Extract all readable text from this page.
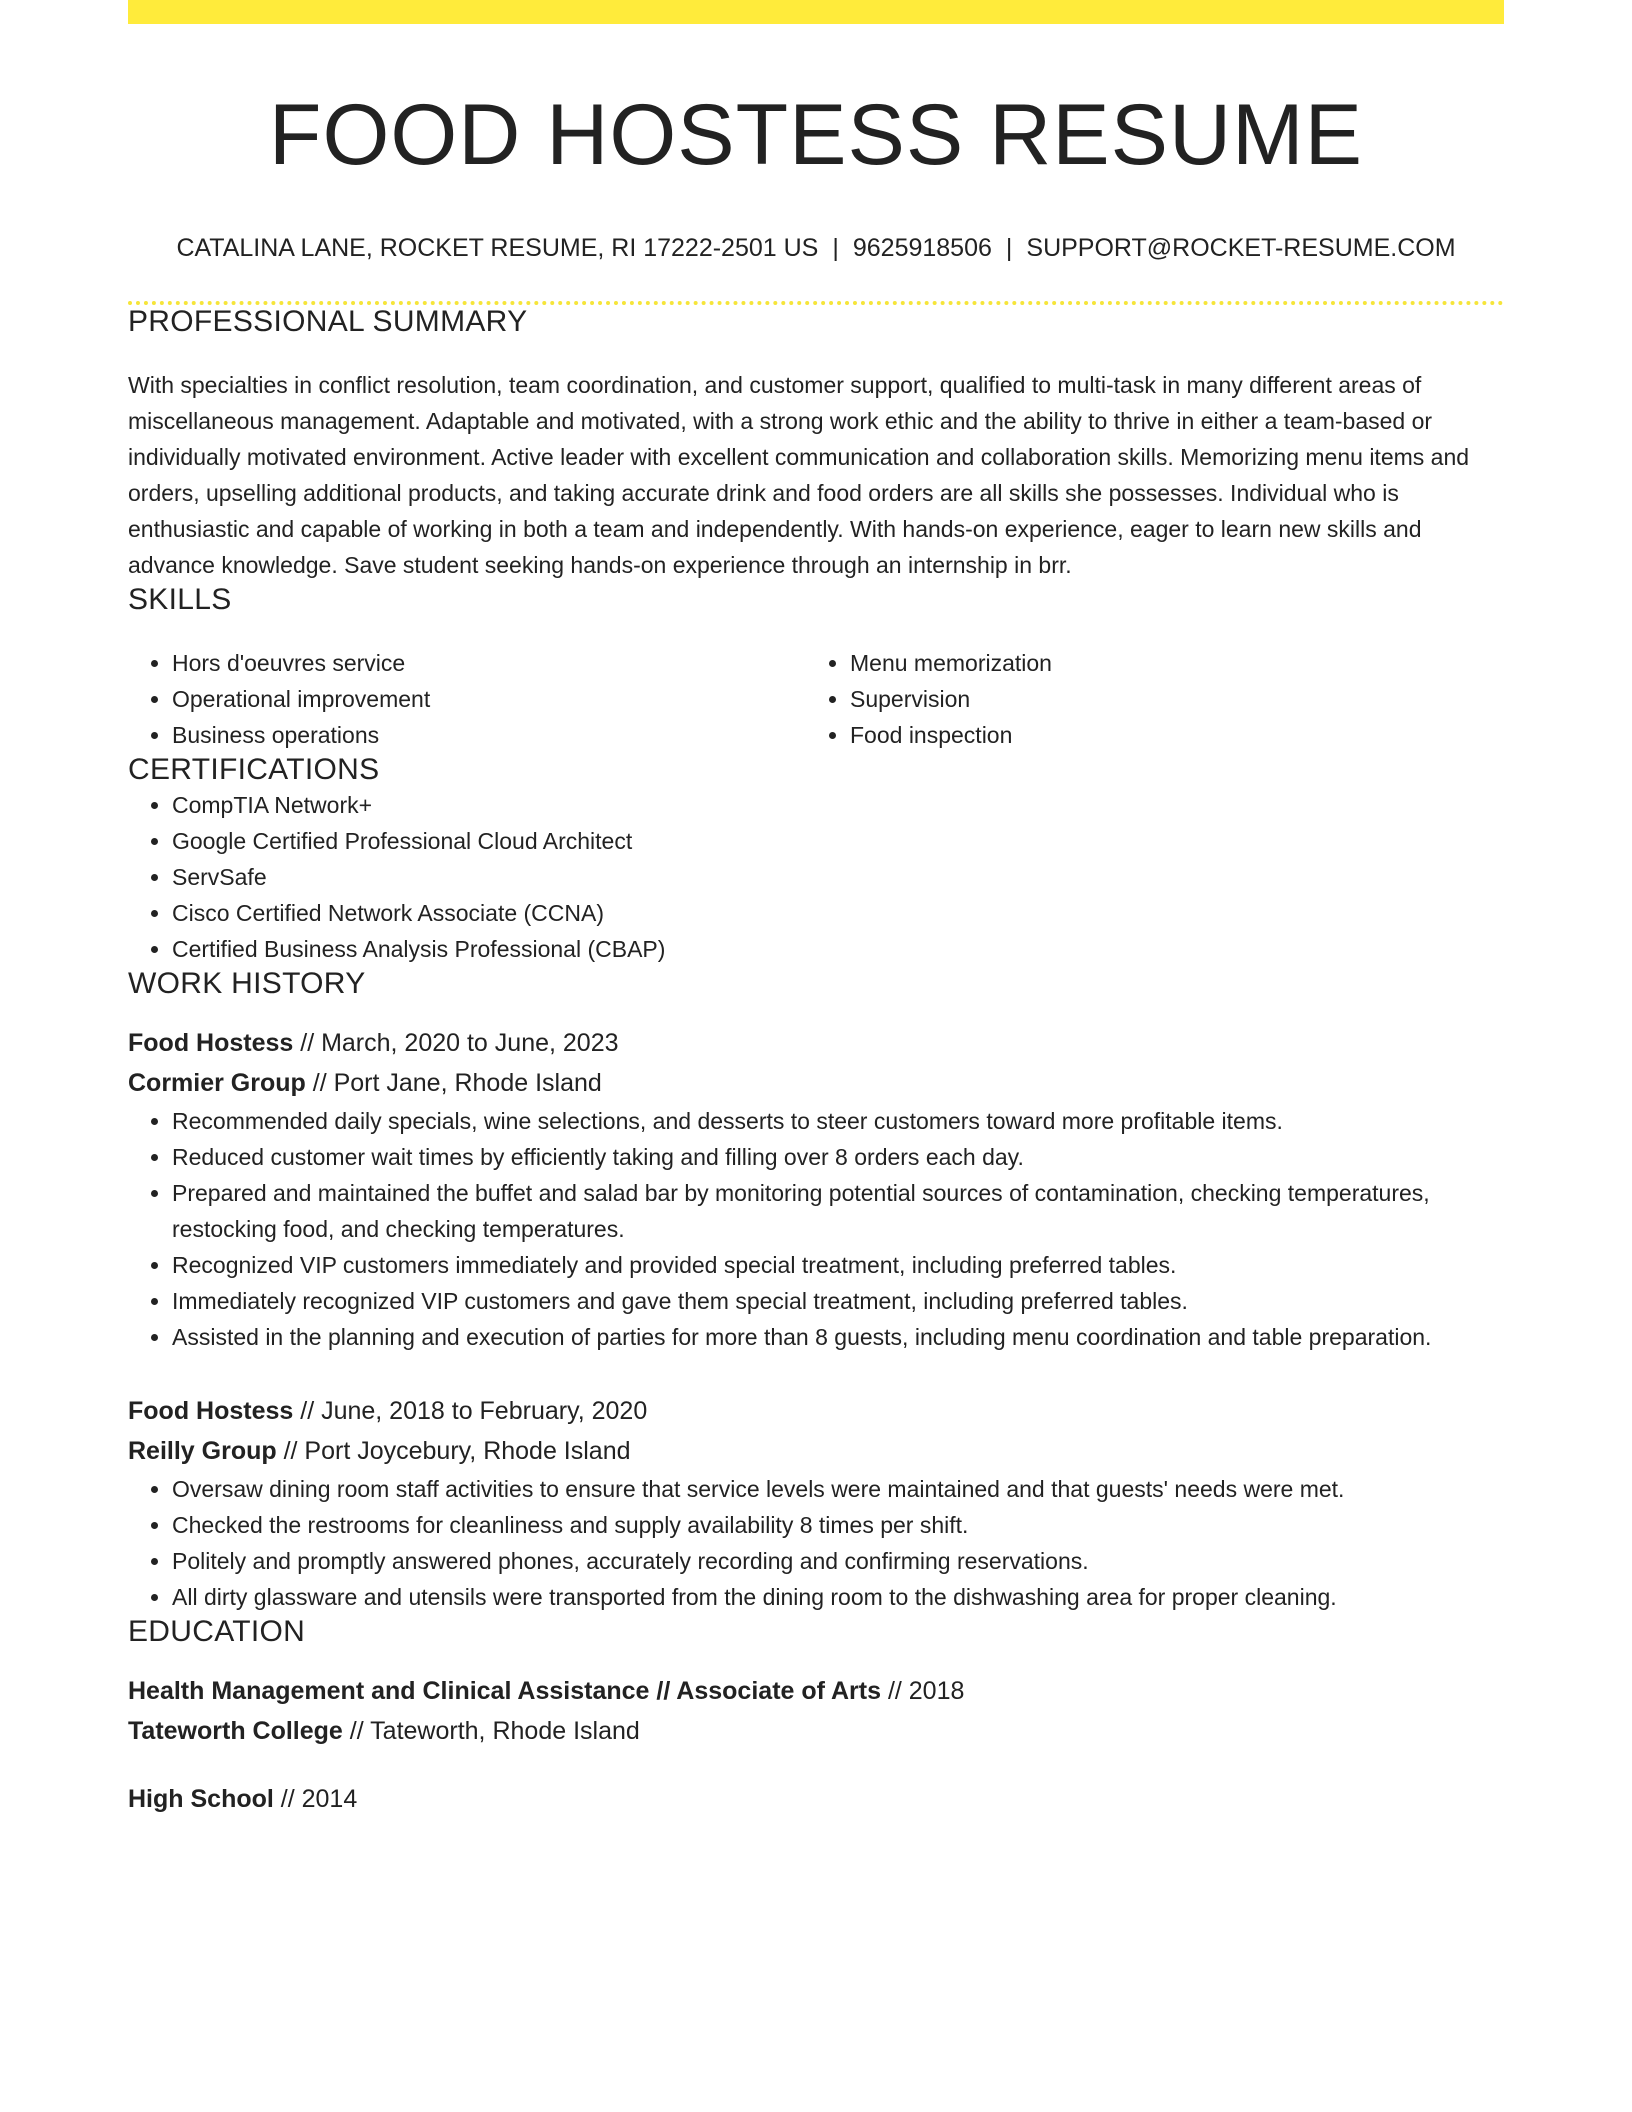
FOOD HOSTESS RESUME
CATALINA LANE, ROCKET RESUME, RI 17222-2501 US | 9625918506 | SUPPORT@ROCKET-RESUME.COM
PROFESSIONAL SUMMARY
With specialties in conflict resolution, team coordination, and customer support, qualified to multi-task in many different areas of miscellaneous management. Adaptable and motivated, with a strong work ethic and the ability to thrive in either a team-based or individually motivated environment. Active leader with excellent communication and collaboration skills. Memorizing menu items and orders, upselling additional products, and taking accurate drink and food orders are all skills she possesses. Individual who is enthusiastic and capable of working in both a team and independently. With hands-on experience, eager to learn new skills and advance knowledge. Save student seeking hands-on experience through an internship in brr.
SKILLS
• Hors d'oeuvres service
• Operational improvement
• Business operations
• Menu memorization
• Supervision
• Food inspection
CERTIFICATIONS
• CompTIA Network+
• Google Certified Professional Cloud Architect
• ServSafe
• Cisco Certified Network Associate (CCNA)
• Certified Business Analysis Professional (CBAP)
WORK HISTORY
Food Hostess // March, 2020 to June, 2023
Cormier Group // Port Jane, Rhode Island
• Recommended daily specials, wine selections, and desserts to steer customers toward more profitable items.
• Reduced customer wait times by efficiently taking and filling over 8 orders each day.
• Prepared and maintained the buffet and salad bar by monitoring potential sources of contamination, checking temperatures, restocking food, and checking temperatures.
• Recognized VIP customers immediately and provided special treatment, including preferred tables.
• Immediately recognized VIP customers and gave them special treatment, including preferred tables.
• Assisted in the planning and execution of parties for more than 8 guests, including menu coordination and table preparation.
Food Hostess // June, 2018 to February, 2020
Reilly Group // Port Joycebury, Rhode Island
• Oversaw dining room staff activities to ensure that service levels were maintained and that guests' needs were met.
• Checked the restrooms for cleanliness and supply availability 8 times per shift.
• Politely and promptly answered phones, accurately recording and confirming reservations.
• All dirty glassware and utensils were transported from the dining room to the dishwashing area for proper cleaning.
EDUCATION
Health Management and Clinical Assistance // Associate of Arts // 2018
Tateworth College // Tateworth, Rhode Island
High School // 2014
